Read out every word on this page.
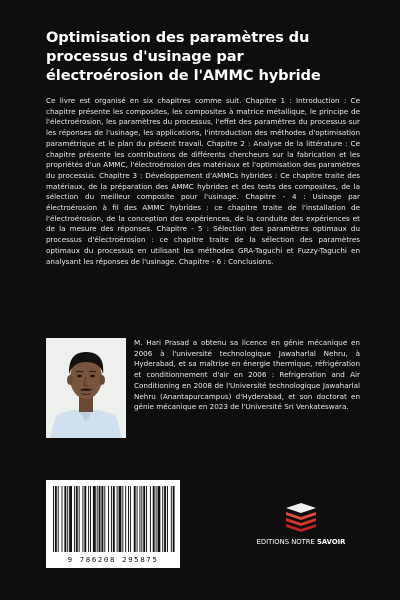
Optimisation des paramètres du processus d'usinage par électroérosion de l'AMMC hybride

Ce livre est organisé en six chapitres comme suit. Chapitre 1 : Introduction : Ce chapitre présente les composites, les composites à matrice métallique, le principe de l'électroérosion, les paramètres du processus, l'effet des paramètres du processus sur les réponses de l'usinage, les applications, l'introduction des méthodes d'optimisation paramétrique et le plan du présent travail. Chapitre 2 : Analyse de la littérature : Ce chapitre présente les contributions de différents chercheurs sur la fabrication et les propriétés d'un AMMC, l'électroérosion des matériaux et l'optimisation des paramètres du processus. Chapitre 3 : Développement d'AMMCs hybrides : Ce chapitre traite des matériaux, de la préparation des AMMC hybrides et des tests des composites, de la sélection du meilleur composite pour l'usinage. Chapitre - 4 : Usinage par électroérosion à fil des AMMC hybrides : ce chapitre traite de l'installation de l'électroérosion, de la conception des expériences, de la conduite des expériences et de la mesure des réponses. Chapitre - 5 : Sélection des paramètres optimaux du processus d'électroérosion : ce chapitre traite de la sélection des paramètres optimaux du processus en utilisant les méthodes GRA-Taguchi et Fuzzy-Taguchi en analysant les réponses de l'usinage. Chapitre - 6 : Conclusions.

M. Hari Prasad a obtenu sa licence en génie mécanique en 2006 à l'université technologique Jawaharlal Nehru, à Hyderabad, et sa maîtrise en énergie thermique, réfrigération et conditionnement d'air en 2006 : Refrigeration and Air Conditioning en 2008 de l'Université technologique Jawaharlal Nehru (Anantapurcampus) d'Hyderabad, et son doctorat en génie mécanique en 2023 de l'Université Sri Venkateswara.

9 786208 295875
EDITIONS NOTRE SAVOIR
